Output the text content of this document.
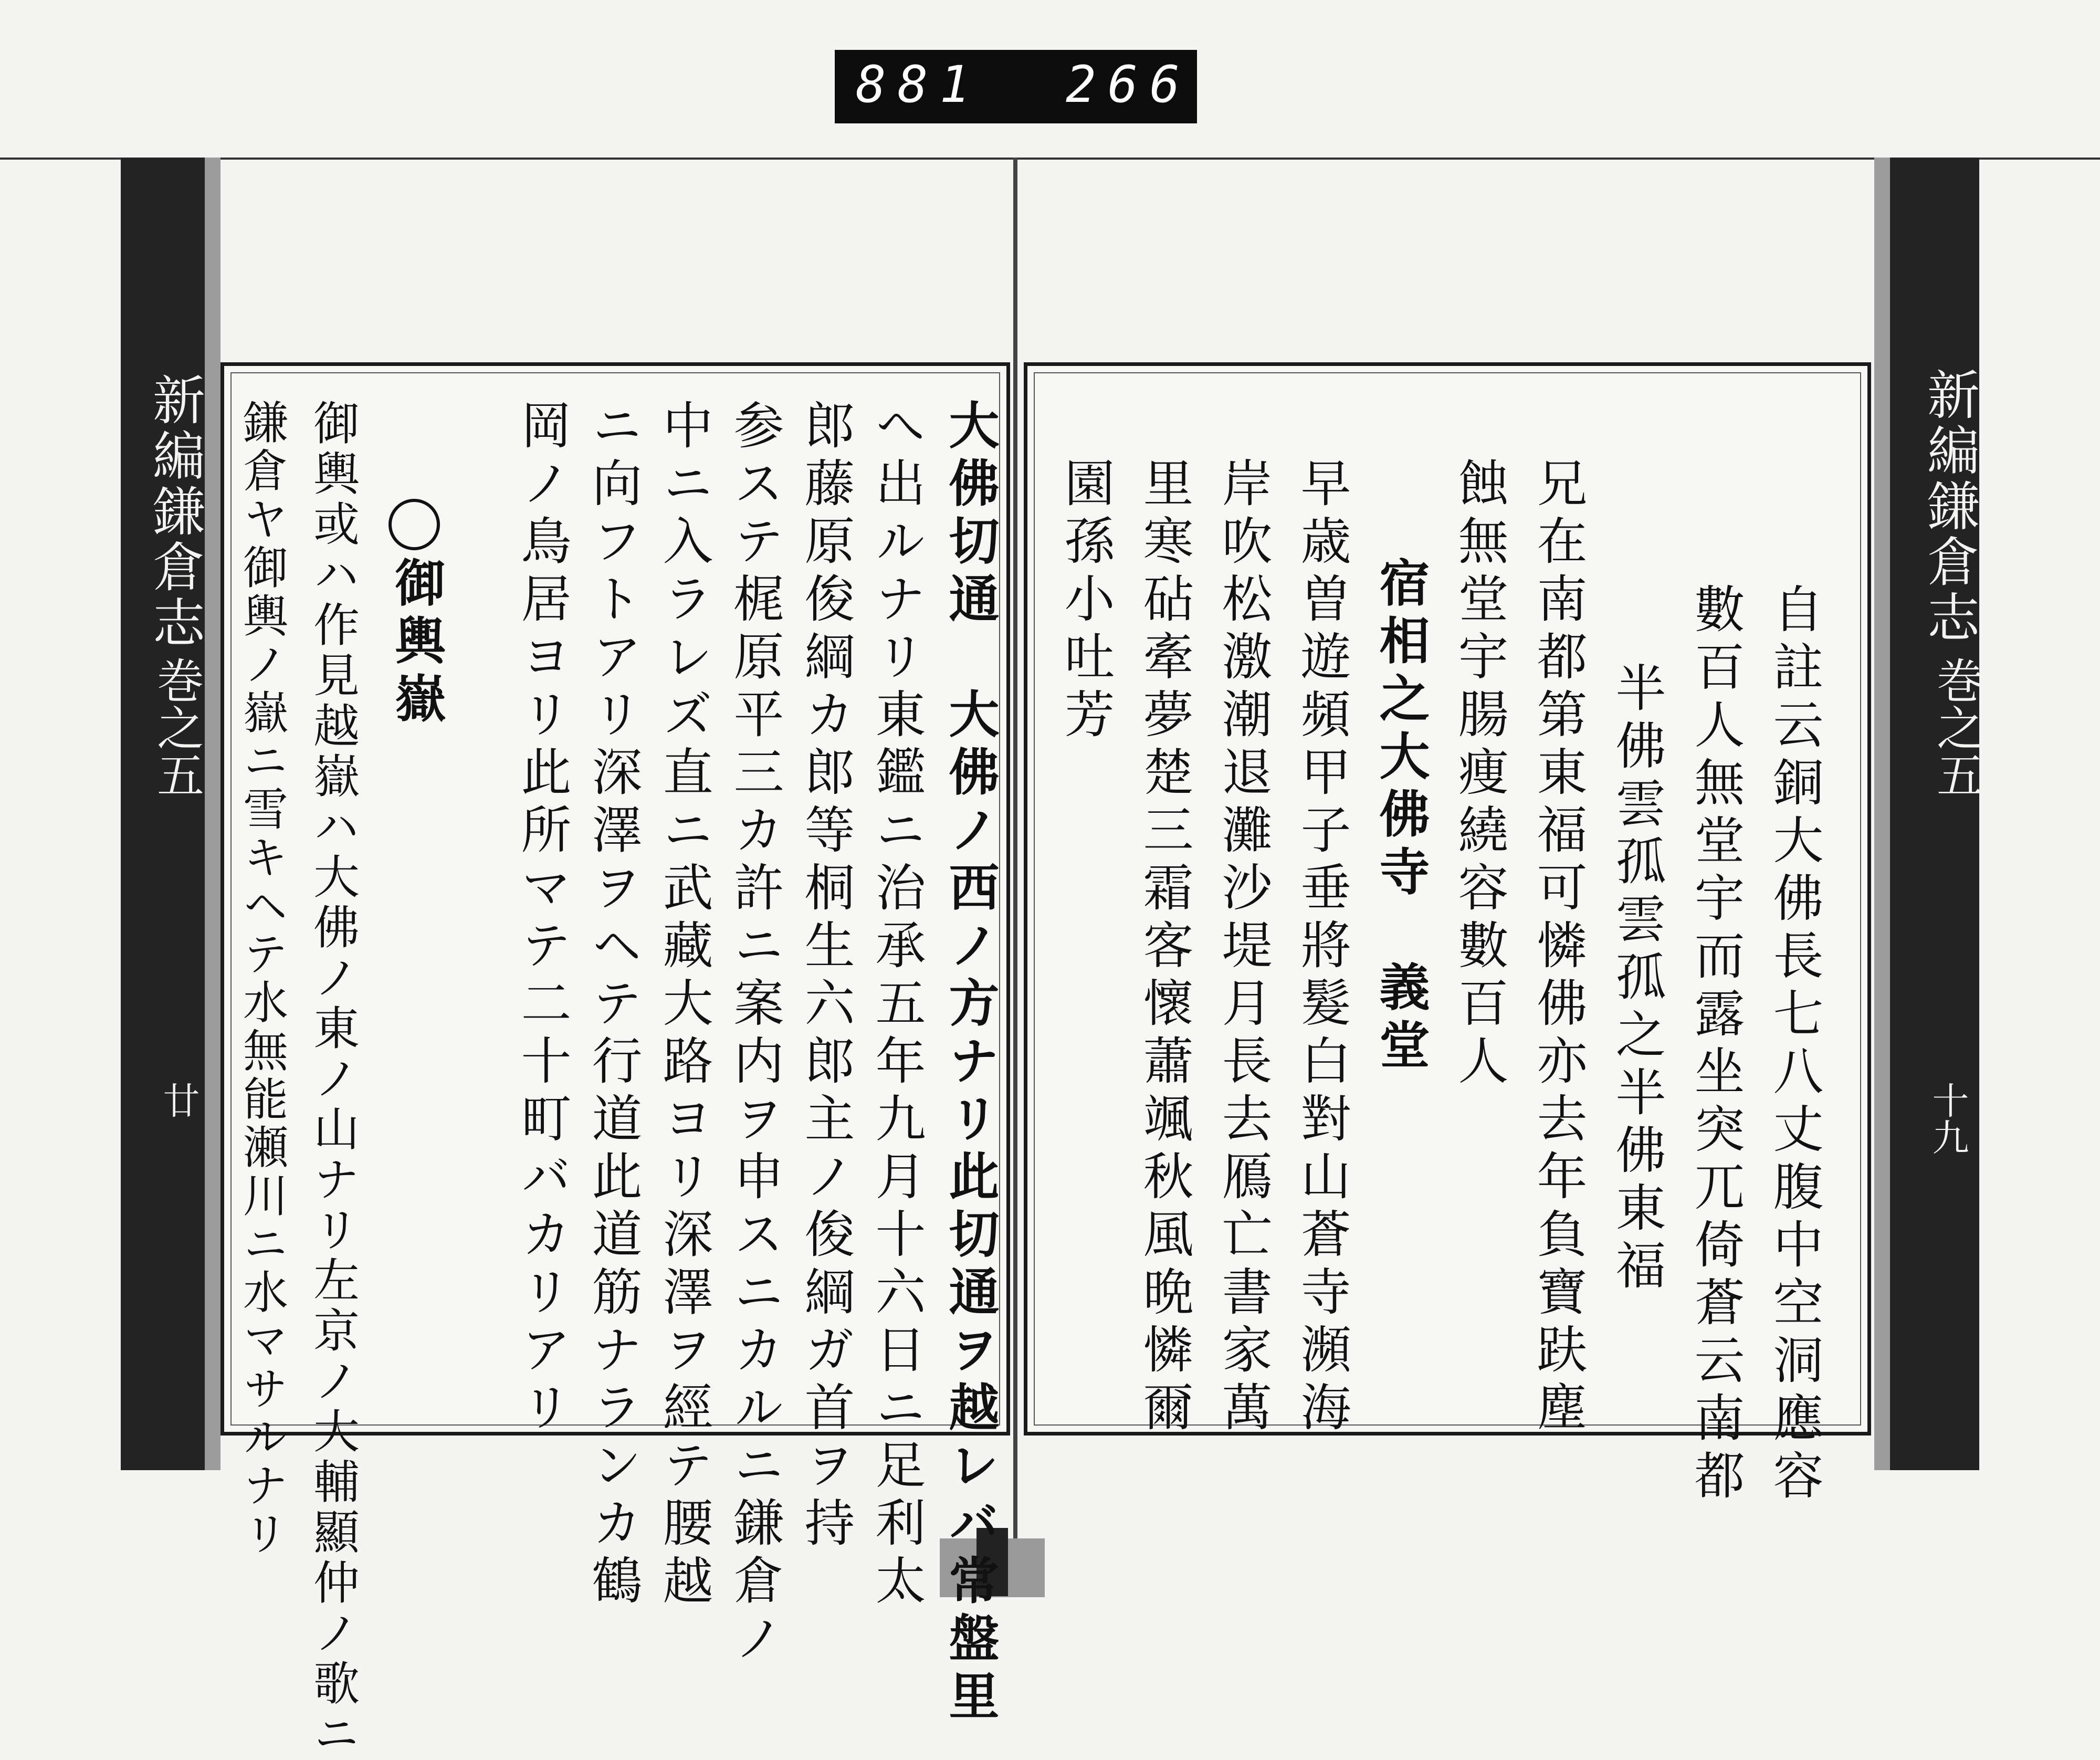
881 266
新編鎌倉志
巻之五
廿
新編鎌倉志
巻之五
十九
大佛切通　大佛ノ西ノ方ナリ此切通ヲ越レバ常盤里
へ出ルナリ東鑑ニ治承五年九月十六日ニ足利太
郎藤原俊綱カ郎等桐生六郎主ノ俊綱ガ首ヲ持
参ステ梶原平三カ許ニ案内ヲ申スニカルニ鎌倉ノ
中ニ入ラレズ直ニ武藏大路ヨリ深澤ヲ經テ腰越
ニ向フトアリ深澤ヲヘテ行道此道筋ナランカ鶴
岡ノ鳥居ヨリ此所マテ二十町バカリアリ
御輿嶽
御輿或ハ作見越嶽ハ大佛ノ東ノ山ナリ左京ノ大輔顯仲ノ歌ニ
鎌倉ヤ御輿ノ嶽ニ雪キヘテ水無能瀬川ニ水マサルナリ	自註云銅大佛長七八丈腹中空洞應容
數百人無堂宇而露坐突兀倚蒼云南都
半佛雲孤雲孤之半佛東福
兄在南都第東福可憐佛亦去年負寶趺塵
蝕無堂宇腸痩繞容數百人
宿相之大佛寺　義堂
早歳曽遊頻甲子垂將髮白對山蒼寺瀕海
岸吹松激潮退灘沙堤月長去鴈亡書家萬
里寒砧牽夢楚三霜客懷蕭颯秋風晩憐爾
園孫小吐芳
